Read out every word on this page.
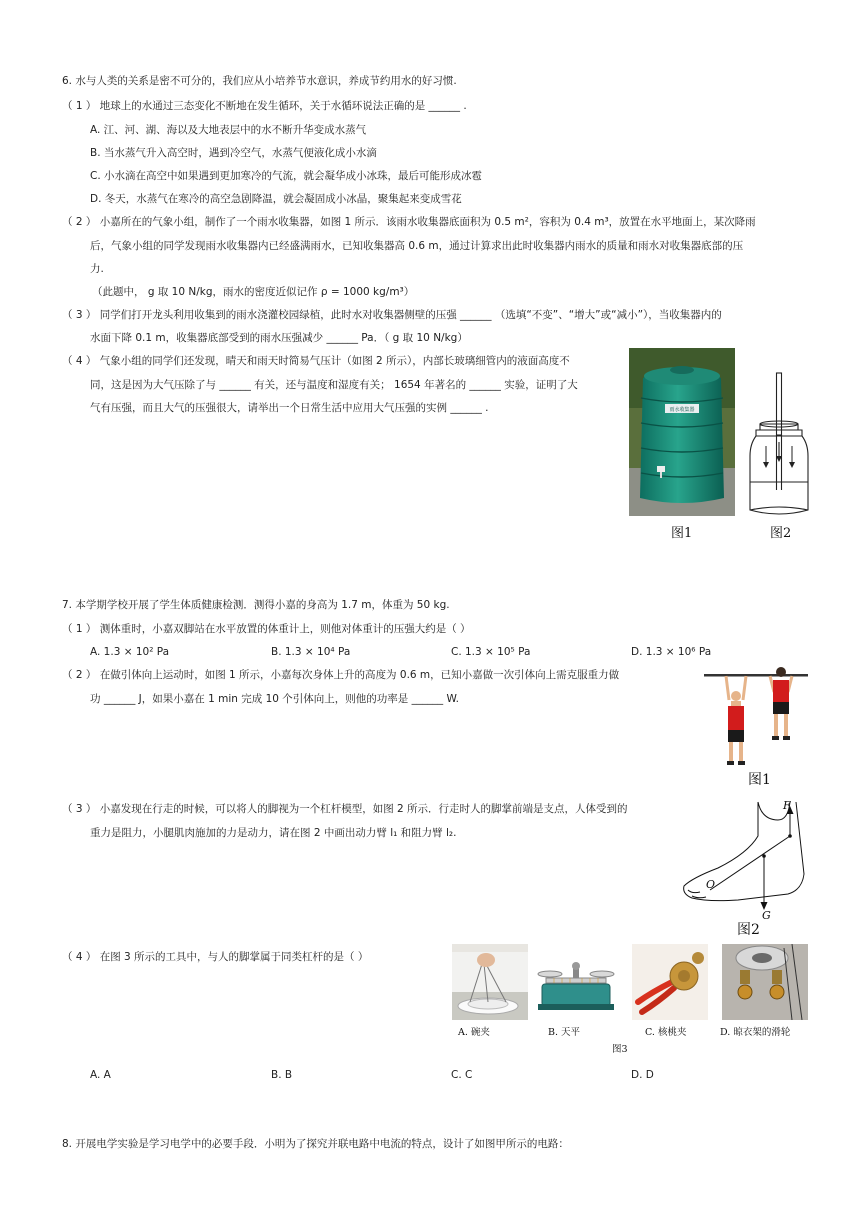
6. 水与人类的关系是密不可分的，我们应从小培养节水意识，养成节约用水的好习惯.
（ 1 ） 地球上的水通过三态变化不断地在发生循环，关于水循环说法正确的是 ______ .
A. 江、河、湖、海以及大地表层中的水不断升华变成水蒸气
B. 当水蒸气升入高空时，遇到冷空气，水蒸气便液化成小水滴
C. 小水滴在高空中如果遇到更加寒冷的气流，就会凝华成小冰珠，最后可能形成冰雹
D. 冬天，水蒸气在寒冷的高空急剧降温，就会凝固成小冰晶，聚集起来变成雪花
（ 2 ） 小嘉所在的气象小组，制作了一个雨水收集器，如图 1 所示．该雨水收集器底面积为 0.5 m²，容积为 0.4 m³，放置在水平地面上，某次降雨
后，气象小组的同学发现雨水收集器内已经盛满雨水，已知收集器高 0.6 m，通过计算求出此时收集器内雨水的质量和雨水对收集器底部的压
力.
（此题中， g 取 10 N/kg，雨水的密度近似记作 ρ = 1000 kg/m³）
（ 3 ） 同学们打开龙头利用收集到的雨水浇灌校园绿植，此时水对收集器侧壁的压强 ______ （选填“不变”、“增大”或“减小”），当收集器内的
水面下降 0.1 m，收集器底部受到的雨水压强减少 ______ Pa．（ g 取 10 N/kg）
（ 4 ） 气象小组的同学们还发现，晴天和雨天时简易气压计（如图 2 所示），内部长玻璃细管内的液面高度不
同，这是因为大气压除了与 ______ 有关，还与温度和湿度有关； 1654 年著名的 ______ 实验，证明了大
气有压强，而且大气的压强很大，请举出一个日常生活中应用大气压强的实例 ______ .	雨水收集器
图1	图2
7. 本学期学校开展了学生体质健康检测．测得小嘉的身高为 1.7 m，体重为 50 kg.
（ 1 ） 测体重时，小嘉双脚站在水平放置的体重计上，则他对体重计的压强大约是（ ）
A. 1.3 × 10² Pa	B. 1.3 × 10⁴ Pa	C. 1.3 × 10⁵ Pa	D. 1.3 × 10⁶ Pa
（ 2 ） 在做引体向上运动时，如图 1 所示，小嘉每次身体上升的高度为 0.6 m，已知小嘉做一次引体向上需克服重力做
功 ______ J，如果小嘉在 1 min 完成 10 个引体向上，则他的功率是 ______ W.
图1
（ 3 ） 小嘉发现在行走的时候，可以将人的脚视为一个杠杆模型，如图 2 所示．行走时人的脚掌前端是支点，人体受到的
重力是阻力，小腿肌肉施加的力是动力，请在图 2 中画出动力臂 l₁ 和阻力臂 l₂.
F
O
G
图2
（ 4 ） 在图 3 所示的工具中，与人的脚掌属于同类杠杆的是（ ）
A. 碗夹	B. 天平	C. 核桃夹	D. 晾衣架的滑轮
图3
A. A	B. B	C. C	D. D
8. 开展电学实验是学习电学中的必要手段．小明为了探究并联电路中电流的特点，设计了如图甲所示的电路：
